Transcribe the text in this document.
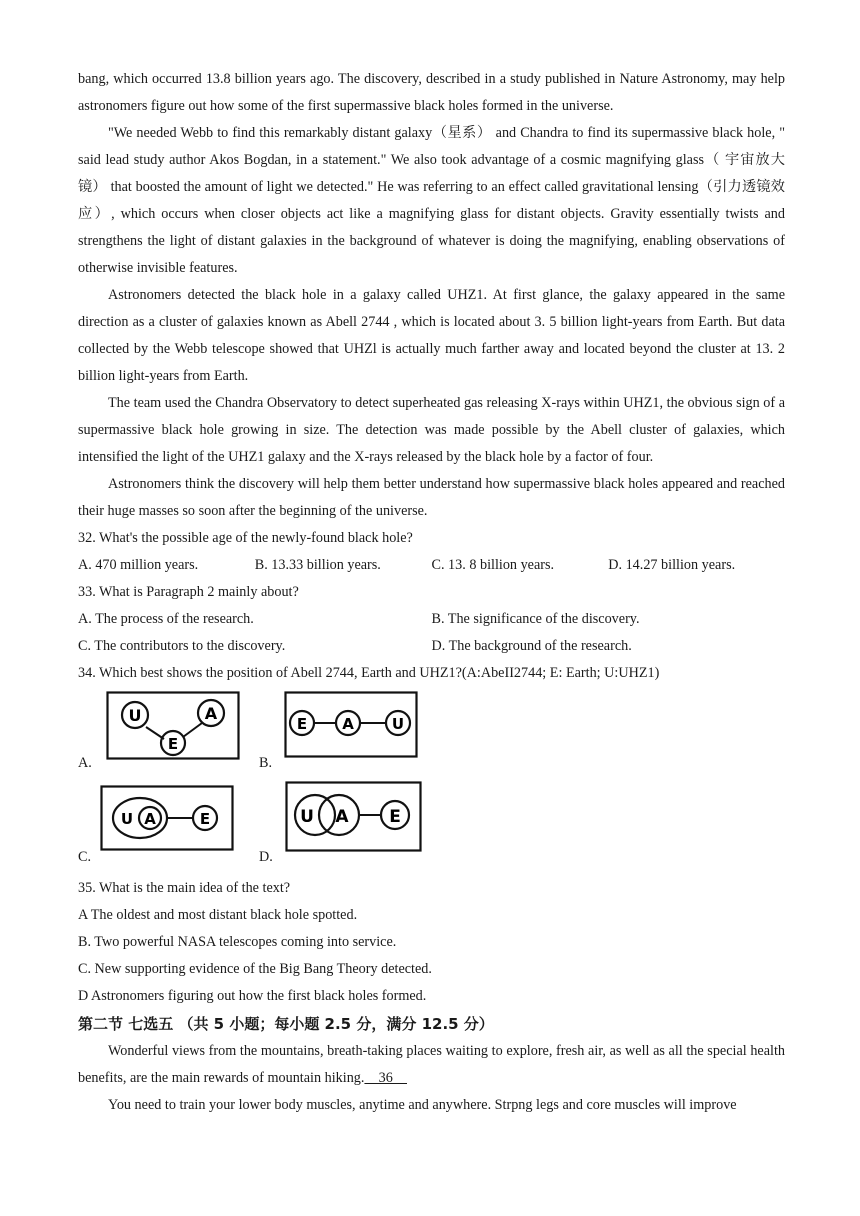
bang, which occurred 13.8 billion years ago. The discovery, described in a study published in Nature Astronomy, may help astronomers figure out how some of the first supermassive black holes formed in the universe.

"We needed Webb to find this remarkably distant galaxy（星系） and Chandra to find its supermassive black hole, " said lead study author Akos Bogdan, in a statement." We also took advantage of a cosmic magnifying glass（ 宇宙放大镜） that boosted the amount of light we detected." He was referring to an effect called gravitational lensing（引力透镜效应）, which occurs when closer objects act like a magnifying glass for distant objects. Gravity essentially twists and strengthens the light of distant galaxies in the background of whatever is doing the magnifying, enabling observations of otherwise invisible features.

Astronomers detected the black hole in a galaxy called UHZ1. At first glance, the galaxy appeared in the same direction as a cluster of galaxies known as Abell 2744 , which is located about 3. 5 billion light-years from Earth. But data collected by the Webb telescope showed that UHZl is actually much farther away and located beyond the cluster at 13. 2 billion light-years from Earth.

The team used the Chandra Observatory to detect superheated gas releasing X-rays within UHZ1, the obvious sign of a supermassive black hole growing in size. The detection was made possible by the Abell cluster of galaxies, which intensified the light of the UHZ1 galaxy and the X-rays released by the black hole by a factor of four.

Astronomers think the discovery will help them better understand how supermassive black holes appeared and reached their huge masses so soon after the beginning of the universe.

32. What's the possible age of the newly-found black hole?

A. 470 million years.	B. 13.33 billion years.	C. 13. 8 billion years.	D. 14.27 billion years.

33. What is Paragraph 2 mainly about?

A. The process of the research.	B. The significance of the discovery.
C. The contributors to the discovery.	D. The background of the research.

34. Which best shows the position of Abell 2744, Earth and UHZ1?(A:AbeII2744; E: Earth; U:UHZ1)

A.
U
E
A
B.
E A	U
C.
U A	E
D.
U A E

35. What is the main idea of the text?

A The oldest and most distant black hole spotted.

B. Two powerful NASA telescopes coming into service.

C. New supporting evidence of the Big Bang Theory detected.

D Astronomers figuring out how the first black holes formed.

第二节 七选五 （共 5 小题；每小题 2.5 分，满分 12.5 分）

Wonderful views from the mountains, breath-taking places waiting to explore, fresh air, as well as all the special health benefits, are the main rewards of mountain hiking.    36

You need to train your lower body muscles, anytime and anywhere. Strpng legs and core muscles will improve
